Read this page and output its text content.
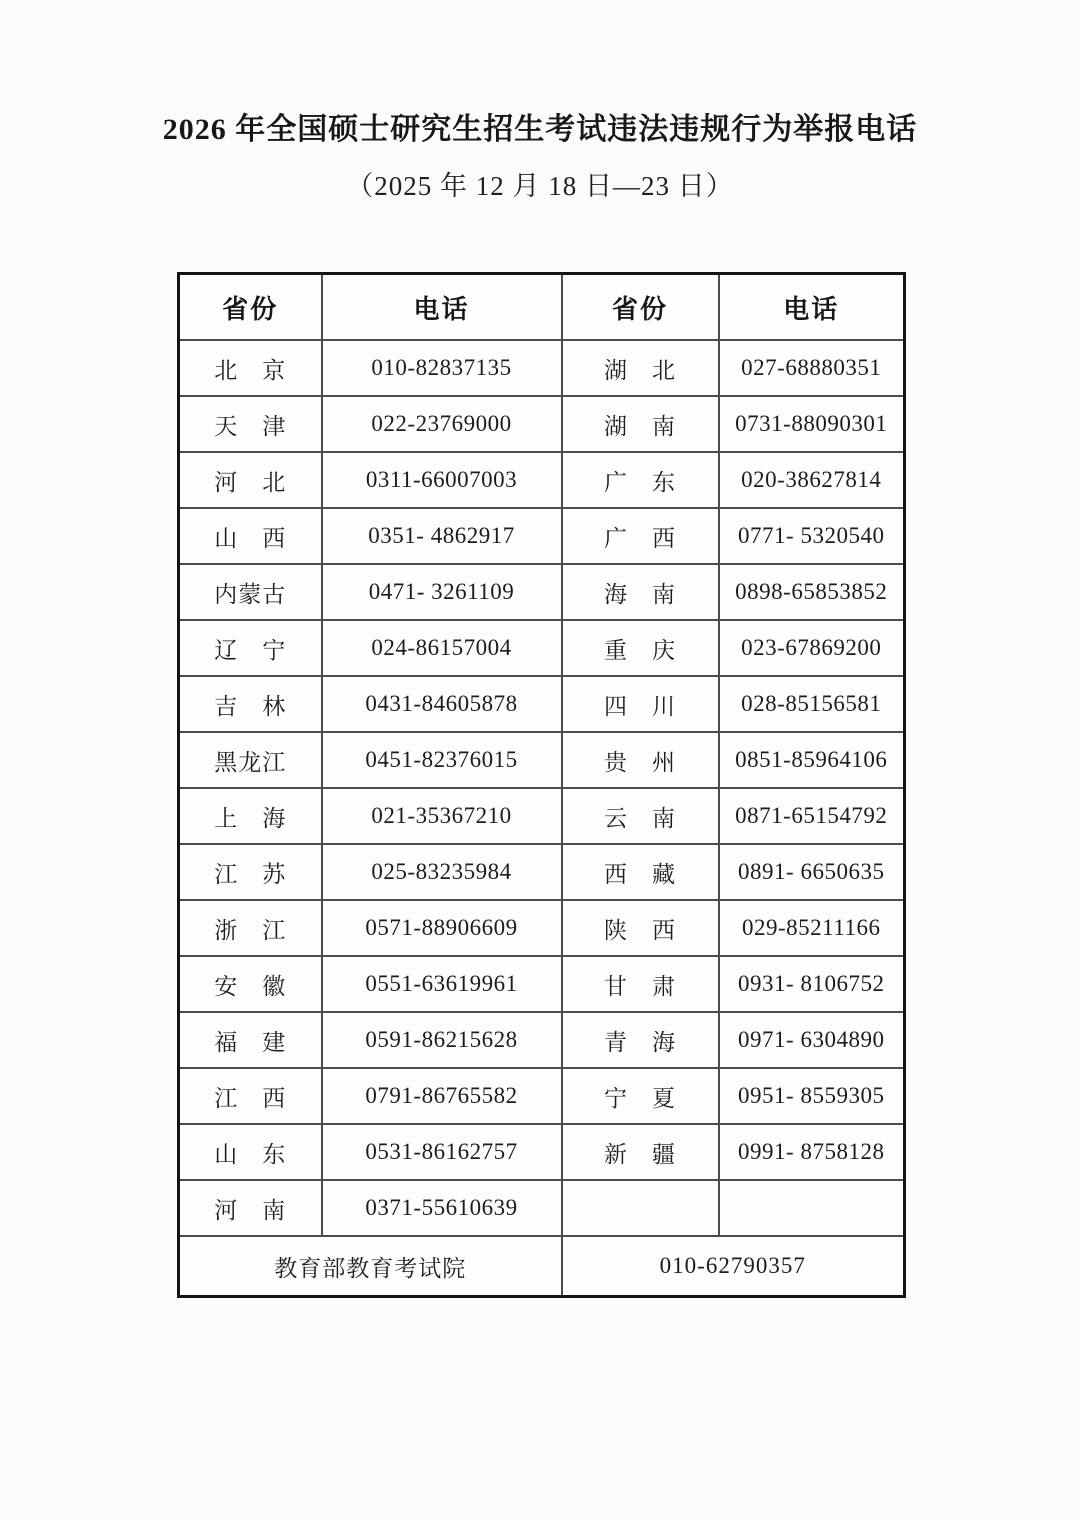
2026 年全国硕士研究生招生考试违法违规行为举报电话
（2025 年 12 月 18 日—23 日）
省份	电话	省份	电话
北　京	010-82837135	湖　北	027-68880351
天　津	022-23769000	湖　南	0731-88090301
河　北	0311-66007003	广　东	020-38627814
山　西	0351- 4862917	广　西	0771- 5320540
内蒙古	0471- 3261109	海　南	0898-65853852
辽　宁	024-86157004	重　庆	023-67869200
吉　林	0431-84605878	四　川	028-85156581
黑龙江	0451-82376015	贵　州	0851-85964106
上　海	021-35367210	云　南	0871-65154792
江　苏	025-83235984	西　藏	0891- 6650635
浙　江	0571-88906609	陕　西	029-85211166
安　徽	0551-63619961	甘　肃	0931- 8106752
福　建	0591-86215628	青　海	0971- 6304890
江　西	0791-86765582	宁　夏	0951- 8559305
山　东	0531-86162757	新　疆	0991- 8758128
河　南	0371-55610639		
教育部教育考试院		010-62790357	
